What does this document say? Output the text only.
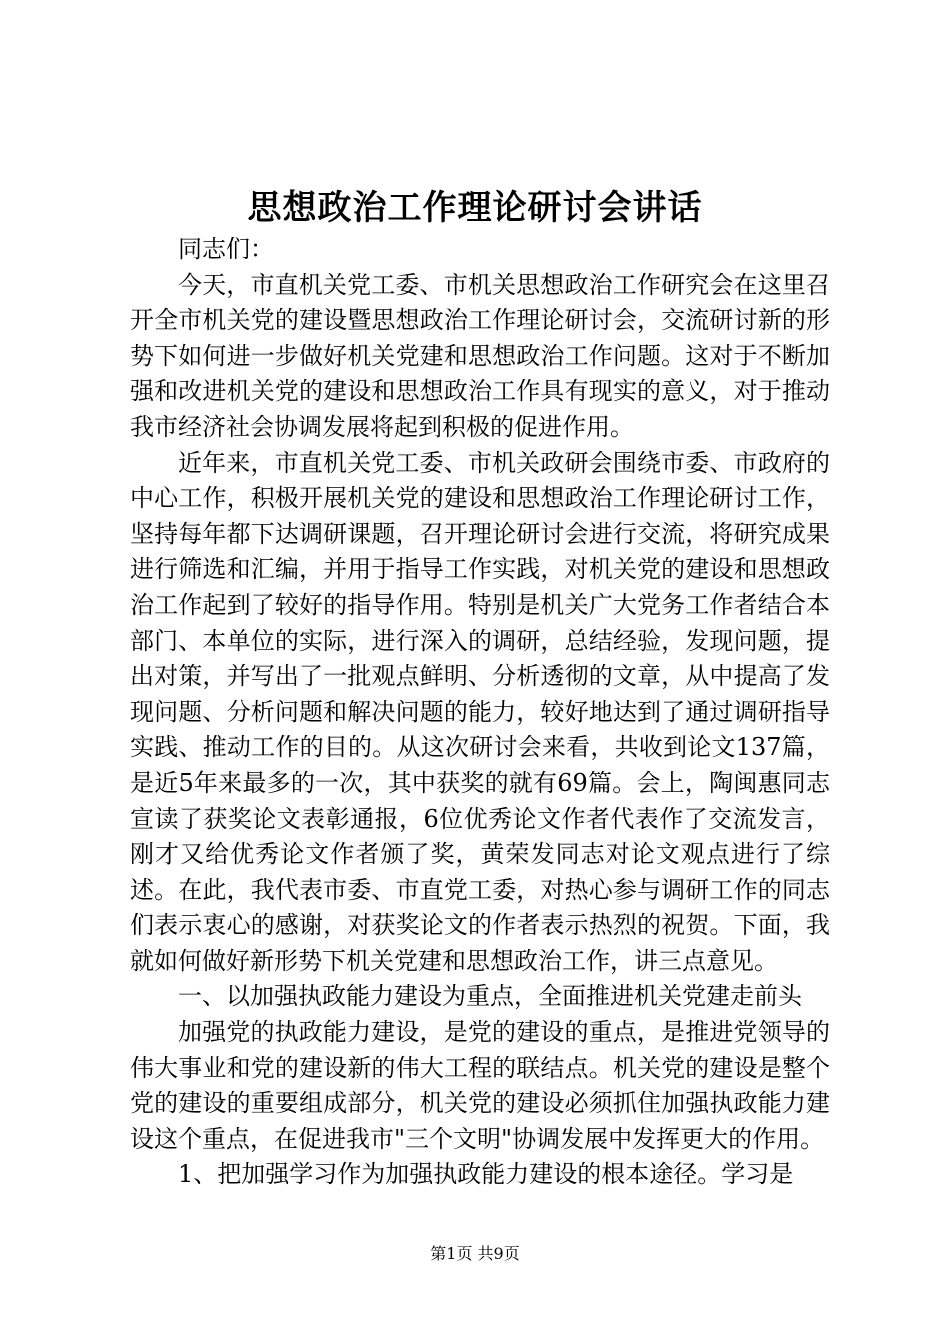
思想政治工作理论研讨会讲话

同志们：

今天，市直机关党工委、市机关思想政治工作研究会在这里召开全市机关党的建设暨思想政治工作理论研讨会，交流研讨新的形势下如何进一步做好机关党建和思想政治工作问题。这对于不断加强和改进机关党的建设和思想政治工作具有现实的意义，对于推动我市经济社会协调发展将起到积极的促进作用。

近年来，市直机关党工委、市机关政研会围绕市委、市政府的中心工作，积极开展机关党的建设和思想政治工作理论研讨工作，坚持每年都下达调研课题，召开理论研讨会进行交流，将研究成果进行筛选和汇编，并用于指导工作实践，对机关党的建设和思想政治工作起到了较好的指导作用。特别是机关广大党务工作者结合本部门、本单位的实际，进行深入的调研，总结经验，发现问题，提出对策，并写出了一批观点鲜明、分析透彻的文章，从中提高了发现问题、分析问题和解决问题的能力，较好地达到了通过调研指导实践、推动工作的目的。从这次研讨会来看，共收到论文137篇，是近5年来最多的一次，其中获奖的就有69篇。会上，陶闽惠同志宣读了获奖论文表彰通报，6位优秀论文作者代表作了交流发言，刚才又给优秀论文作者颁了奖，黄荣发同志对论文观点进行了综述。在此，我代表市委、市直党工委，对热心参与调研工作的同志们表示衷心的感谢，对获奖论文的作者表示热烈的祝贺。下面，我就如何做好新形势下机关党建和思想政治工作，讲三点意见。

一、以加强执政能力建设为重点，全面推进机关党建走前头

加强党的执政能力建设，是党的建设的重点，是推进党领导的伟大事业和党的建设新的伟大工程的联结点。机关党的建设是整个党的建设的重要组成部分，机关党的建设必须抓住加强执政能力建设这个重点，在促进我市"三个文明"协调发展中发挥更大的作用。

1、把加强学习作为加强执政能力建设的根本途径。学习是

第1页 共9页
